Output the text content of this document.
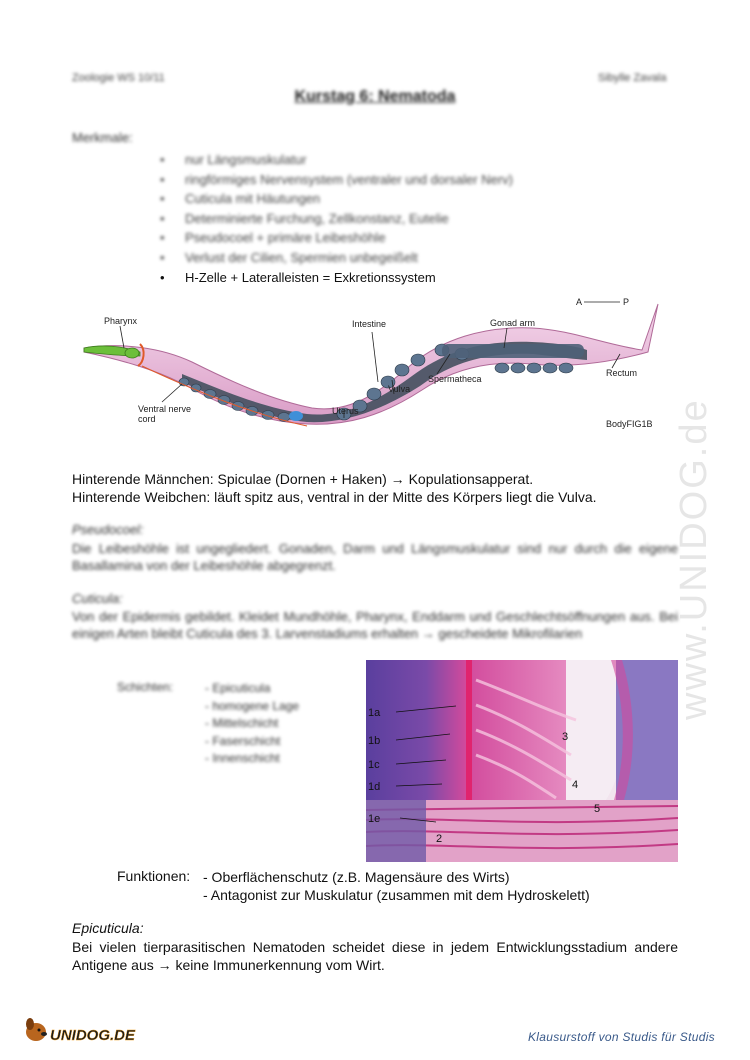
Zoologie WS 10/11	Sibylle Zavala
Kurstag 6: Nematoda
Merkmale:
• nur Längsmuskulatur
• ringförmiges Nervensystem (ventraler und dorsaler Nerv)
• Cuticula mit Häutungen
• Determinierte Furchung, Zellkonstanz, Eutelie
• Pseudocoel + primäre Leibeshöhle
• Verlust der Cilien, Spermien unbegeißelt
• H-Zelle + Lateralleisten = Exkretionssystem
Pharynx	Intestine	Gonad arm
Ventral nerve
cord
Vulva
Spermatheca
Uterus
Rectum
A	P
BodyFIG1B
Hinterende Männchen: Spiculae (Dornen + Haken) → Kopulationsapperat.
Hinterende Weibchen: läuft spitz aus, ventral in der Mitte des Körpers liegt die Vulva.
Pseudocoel:
Die Leibeshöhle ist ungegliedert. Gonaden, Darm und Längsmuskulatur sind nur durch die eigene Basallamina von der Leibeshöhle abgegrenzt.
Cuticula:
Von der Epidermis gebildet. Kleidet Mundhöhle, Pharynx, Enddarm und Geschlechtsöffnungen aus. Bei einigen Arten bleibt Cuticula des 3. Larvenstadiums erhalten → gescheidete Mikrofilarien
Schichten:	- Epicuticula
- homogene Lage
- Mittelschicht
- Faserschicht
- Innenschicht
1a
1b
1c
1d
1e
2
3
4
5
Funktionen: - Oberflächenschutz (z.B. Magensäure des Wirts)
- Antagonist zur Muskulatur (zusammen mit dem Hydroskelett)
Epicuticula:
Bei vielen tierparasitischen Nematoden scheidet diese in jedem Entwicklungsstadium andere Antigene aus → keine Immunerkennung vom Wirt.
www.UNIDOG.de
UNIDOG.DE	Klausurstoff von Studis für Studis
